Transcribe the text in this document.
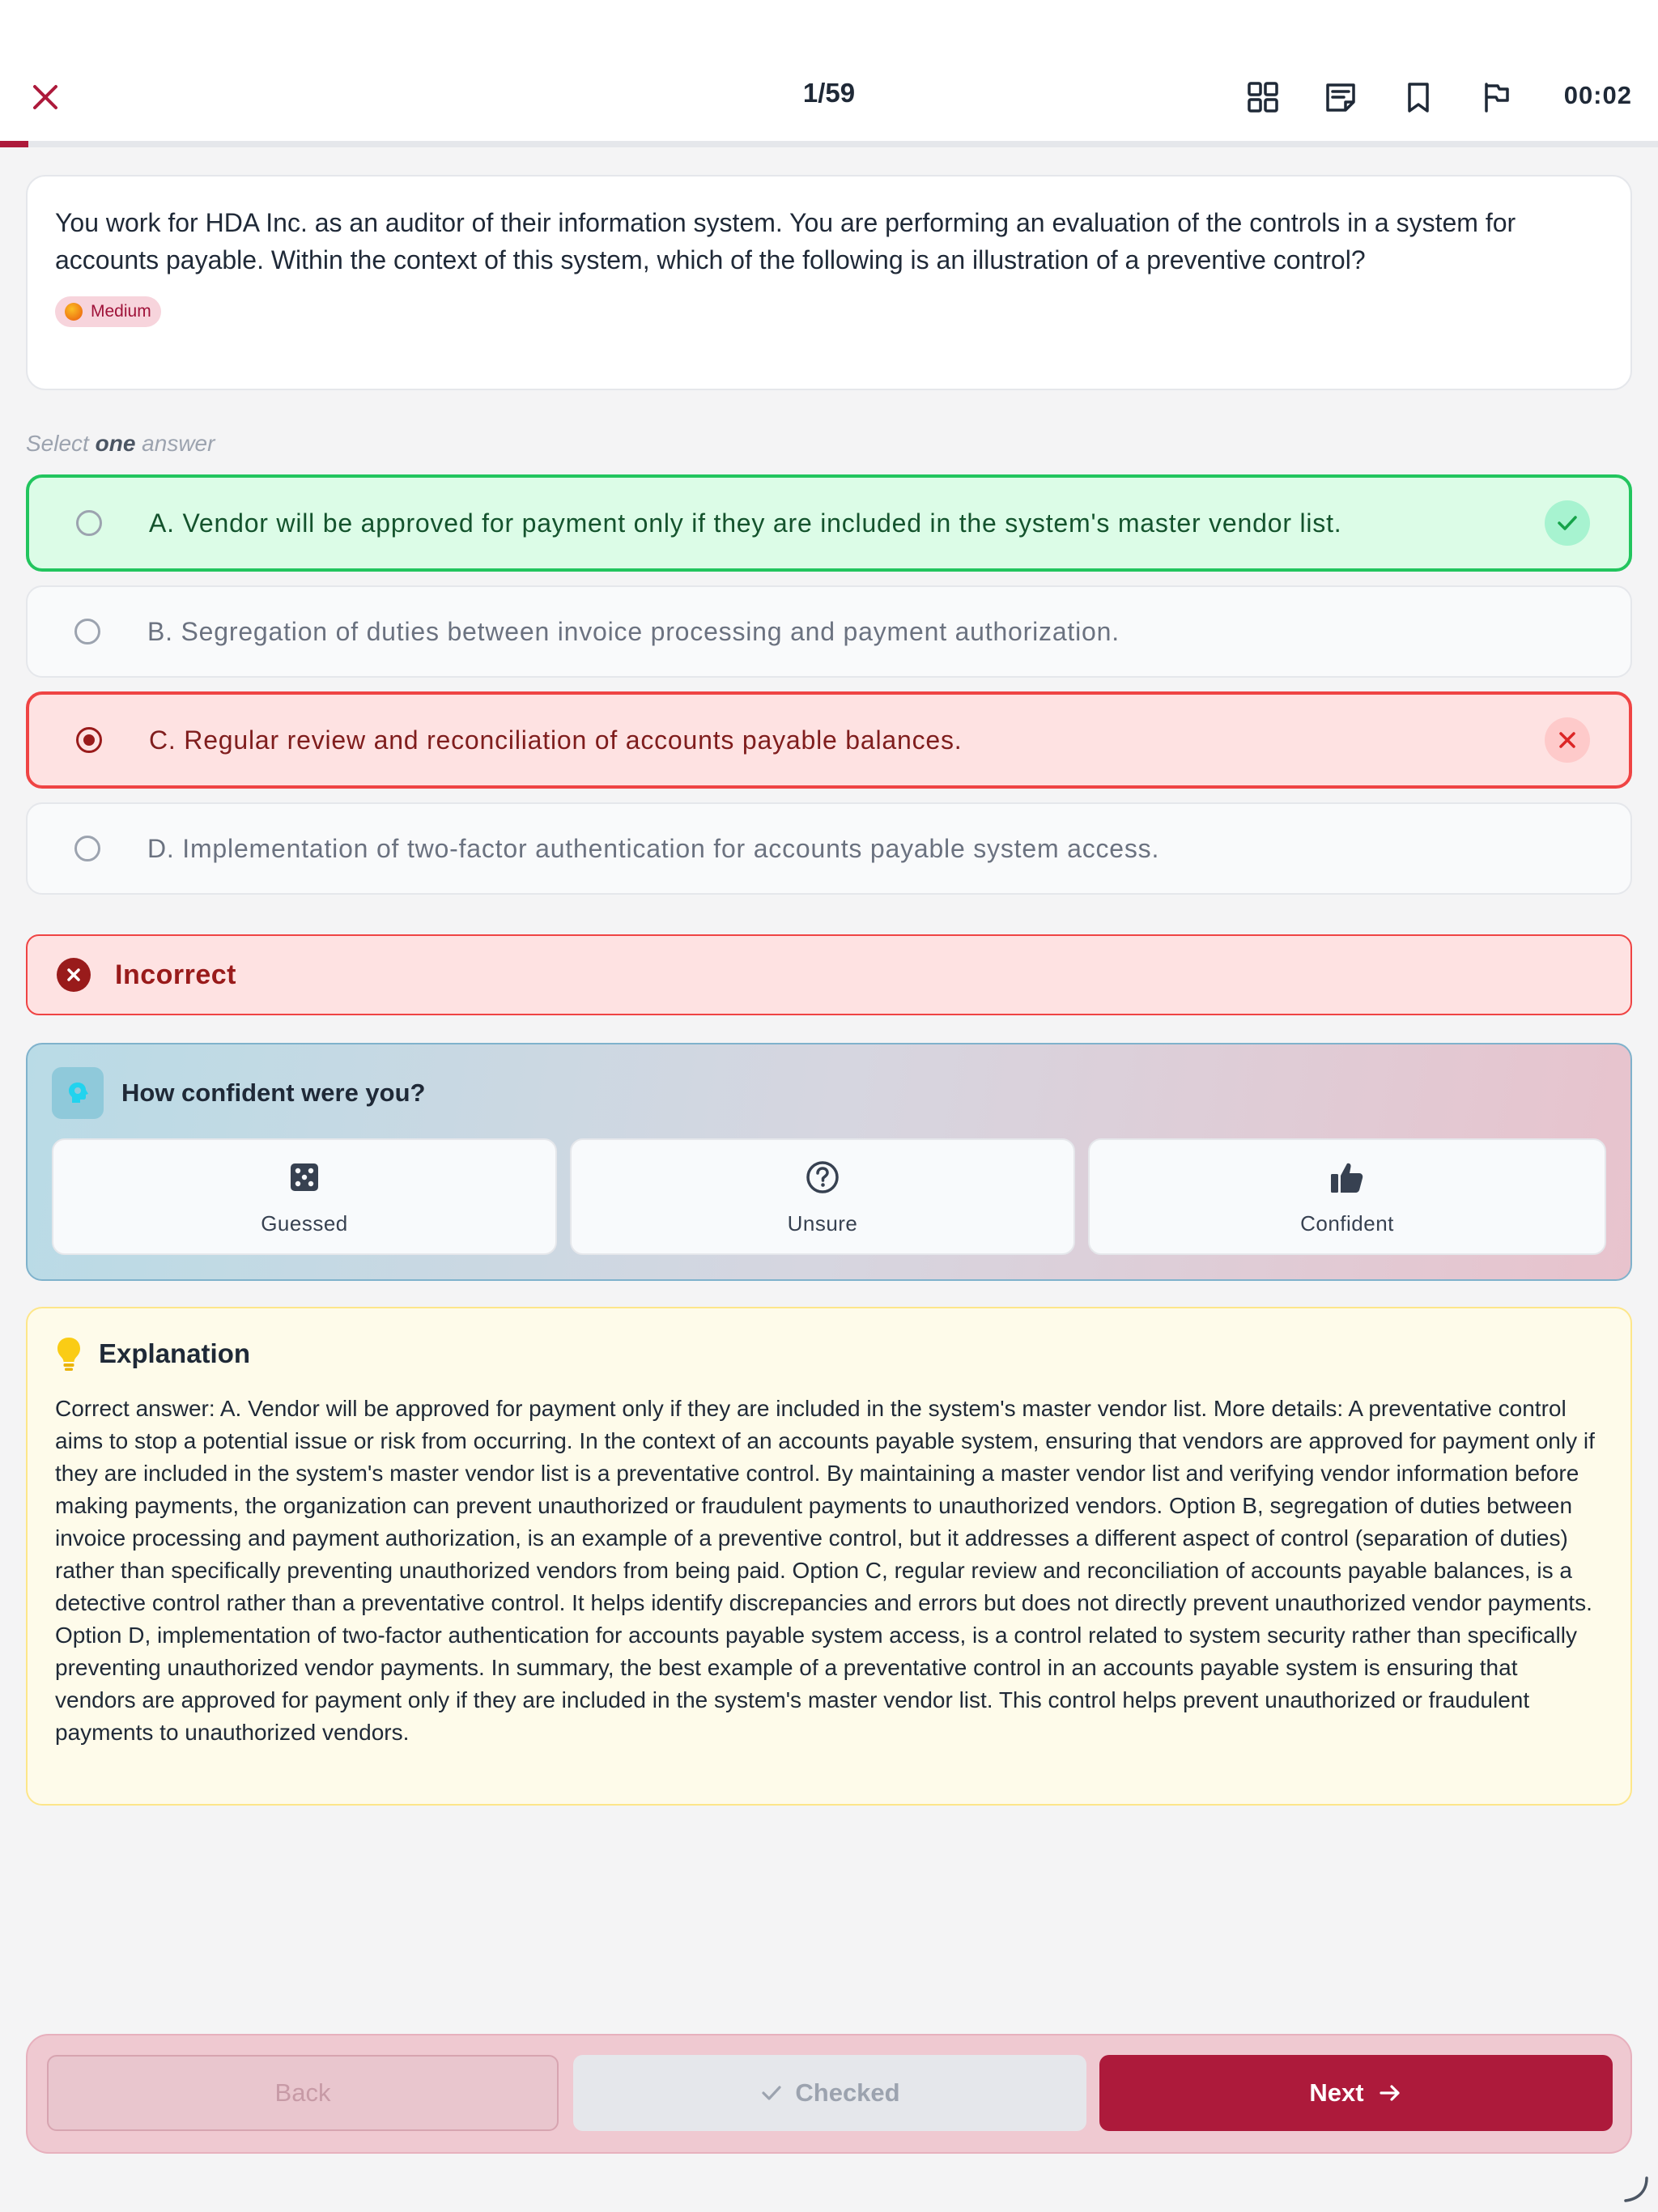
1/59	00:02
You work for HDA Inc. as an auditor of their information system. You are performing an evaluation of the controls in a system for accounts payable. Within the context of this system, which of the following is an illustration of a preventive control?
Medium
Select one answer
A. Vendor will be approved for payment only if they are included in the system's master vendor list.
B. Segregation of duties between invoice processing and payment authorization.
C. Regular review and reconciliation of accounts payable balances.
D. Implementation of two-factor authentication for accounts payable system access.
Incorrect
How confident were you?
Guessed	Unsure	Confident
Explanation
Correct answer: A. Vendor will be approved for payment only if they are included in the system's master vendor list. More details: A preventative control aims to stop a potential issue or risk from occurring. In the context of an accounts payable system, ensuring that vendors are approved for payment only if they are included in the system's master vendor list is a preventative control. By maintaining a master vendor list and verifying vendor information before making payments, the organization can prevent unauthorized or fraudulent payments to unauthorized vendors. Option B, segregation of duties between invoice processing and payment authorization, is an example of a preventive control, but it addresses a different aspect of control (separation of duties) rather than specifically preventing unauthorized vendors from being paid. Option C, regular review and reconciliation of accounts payable balances, is a detective control rather than a preventative control. It helps identify discrepancies and errors but does not directly prevent unauthorized vendor payments. Option D, implementation of two-factor authentication for accounts payable system access, is a control related to system security rather than specifically preventing unauthorized vendor payments. In summary, the best example of a preventative control in an accounts payable system is ensuring that vendors are approved for payment only if they are included in the system's master vendor list. This control helps prevent unauthorized or fraudulent payments to unauthorized vendors.
Back	Checked	Next
